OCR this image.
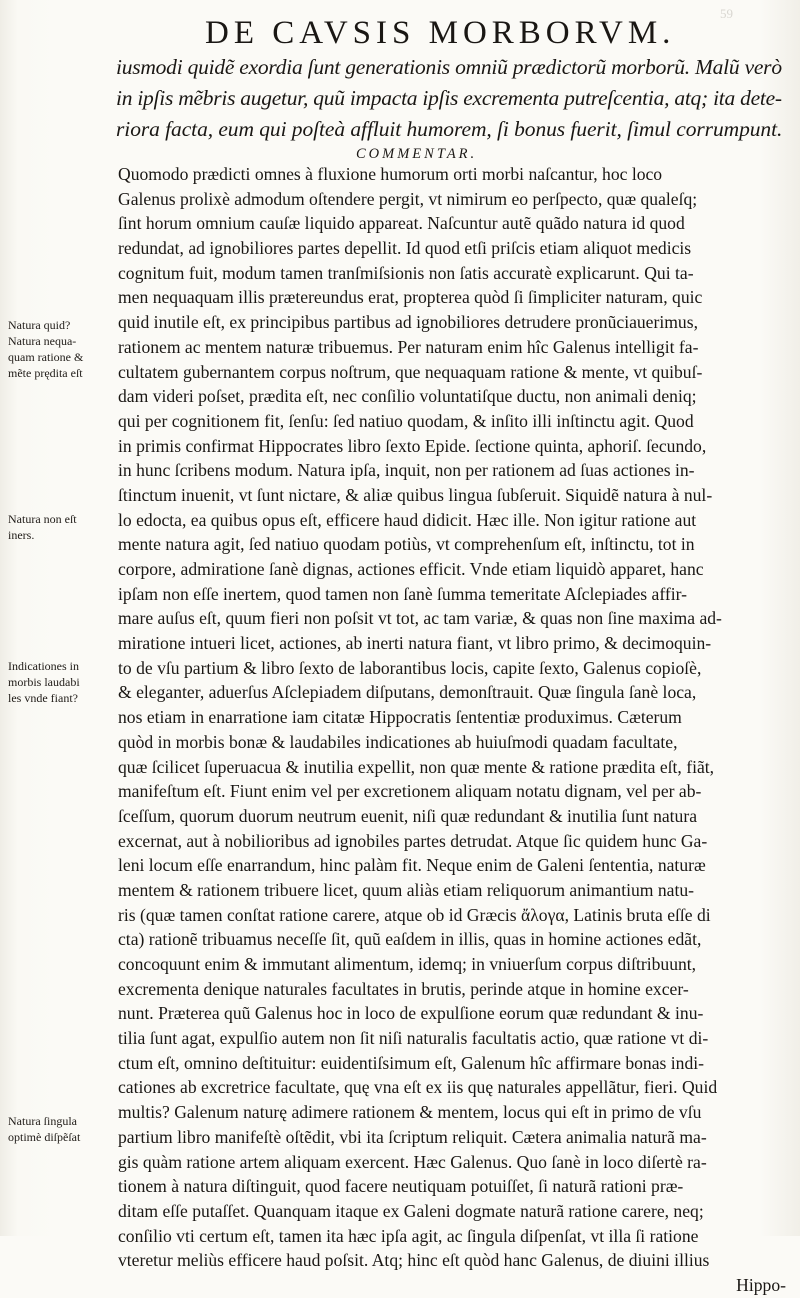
DE CAVSIS MORBORVM.
59
iusmodi quidẽ exordia ſunt generationis omniũ prædictorũ morborũ. Malũ verò
in ipſis mẽbris augetur, quũ impacta ipſis excrementa putreſcentia, atq; ita dete-
riora facta, eum qui poſteà affluit humorem, ſi bonus fuerit, ſimul corrumpunt.
COMMENTAR.
Quomodo prædicti omnes à fluxione humorum orti morbi naſcantur, hoc loco
Galenus prolixè admodum oſtendere pergit, vt nimirum eo perſpecto, quæ qualeſq;
ſint horum omnium cauſæ liquido appareat. Naſcuntur autẽ quãdo natura id quod
redundat, ad ignobiliores partes depellit. Id quod etſi priſcis etiam aliquot medicis
cognitum fuit, modum tamen tranſmiſsionis non ſatis accuratè explicarunt. Qui ta-
men nequaquam illis prætereundus erat, propterea quòd ſi ſimpliciter naturam, quic
quid inutile eſt, ex principibus partibus ad ignobiliores detrudere pronũciauerimus,
rationem ac mentem naturæ tribuemus. Per naturam enim hîc Galenus intelligit fa-
cultatem gubernantem corpus noſtrum, que nequaquam ratione & mente, vt quibuſ-
dam videri poſset, prædita eſt, nec conſilio voluntatiſque ductu, non animali deniq;
qui per cognitionem fit, ſenſu: ſed natiuo quodam, & inſito illi inſtinctu agit. Quod
in primis confirmat Hippocrates libro ſexto Epide. ſectione quinta, aphoriſ. ſecundo,
in hunc ſcribens modum. Natura ipſa, inquit, non per rationem ad ſuas actiones in-
ſtinctum inuenit, vt ſunt nictare, & aliæ quibus lingua ſubſeruit. Siquidẽ natura à nul-
lo edocta, ea quibus opus eſt, efficere haud didicit. Hæc ille. Non igitur ratione aut
mente natura agit, ſed natiuo quodam potiùs, vt comprehenſum eſt, inſtinctu, tot in
corpore, admiratione ſanè dignas, actiones efficit. Vnde etiam liquidò apparet, hanc
ipſam non eſſe inertem, quod tamen non ſanè ſumma temeritate Aſclepiades affir-
mare auſus eſt, quum fieri non poſsit vt tot, ac tam variæ, & quas non ſine maxima ad-
miratione intueri licet, actiones, ab inerti natura fiant, vt libro primo, & decimoquin-
to de vſu partium & libro ſexto de laborantibus locis, capite ſexto, Galenus copioſè,
& eleganter, aduerſus Aſclepiadem diſputans, demonſtrauit. Quæ ſingula ſanè loca,
nos etiam in enarratione iam citatæ Hippocratis ſententiæ produximus. Cæterum
quòd in morbis bonæ & laudabiles indicationes ab huiuſmodi quadam facultate,
quæ ſcilicet ſuperuacua & inutilia expellit, non quæ mente & ratione prædita eſt, fiãt,
manifeſtum eſt. Fiunt enim vel per excretionem aliquam notatu dignam, vel per ab-
ſceſſum, quorum duorum neutrum euenit, niſi quæ redundant & inutilia ſunt natura
excernat, aut à nobilioribus ad ignobiles partes detrudat. Atque ſic quidem hunc Ga-
leni locum eſſe enarrandum, hinc palàm fit. Neque enim de Galeni ſententia, naturæ
mentem & rationem tribuere licet, quum aliàs etiam reliquorum animantium natu-
ris (quæ tamen conſtat ratione carere, atque ob id Græcis ἄλογα, Latinis bruta eſſe di
cta) rationẽ tribuamus neceſſe ſit, quũ eaſdem in illis, quas in homine actiones edãt,
concoquunt enim & immutant alimentum, idemq; in vniuerſum corpus diſtribuunt,
excrementa denique naturales facultates in brutis, perinde atque in homine excer-
nunt. Præterea quũ Galenus hoc in loco de expulſione eorum quæ redundant & inu-
tilia ſunt agat, expulſio autem non ſit niſi naturalis facultatis actio, quæ ratione vt di-
ctum eſt, omnino deſtituitur: euidentiſsimum eſt, Galenum hîc affirmare bonas indi-
cationes ab excretrice facultate, quę vna eſt ex iis quę naturales appellãtur, fieri. Quid
multis? Galenum naturę adimere rationem & mentem, locus qui eſt in primo de vſu
partium libro manifeſtè oſtẽdit, vbi ita ſcriptum reliquit. Cætera animalia naturã ma-
gis quàm ratione artem aliquam exercent. Hæc Galenus. Quo ſanè in loco diſertè ra-
tionem à natura diſtinguit, quod facere neutiquam potuiſſet, ſi naturã rationi præ-
ditam eſſe putaſſet. Quanquam itaque ex Galeni dogmate naturã ratione carere, neq;
conſilio vti certum eſt, tamen ita hæc ipſa agit, ac ſingula diſpenſat, vt illa ſi ratione
vteretur meliùs efficere haud poſsit. Atq; hinc eſt quòd hanc Galenus, de diuini illius
Hippo-
Natura quid?
Natura nequa-
quam ratione &
mẽte prędita eſt
Natura non eſt
iners.
Indicationes in
morbis laudabi
les vnde fiant?
Natura ſingula
optimè diſpẽſat
